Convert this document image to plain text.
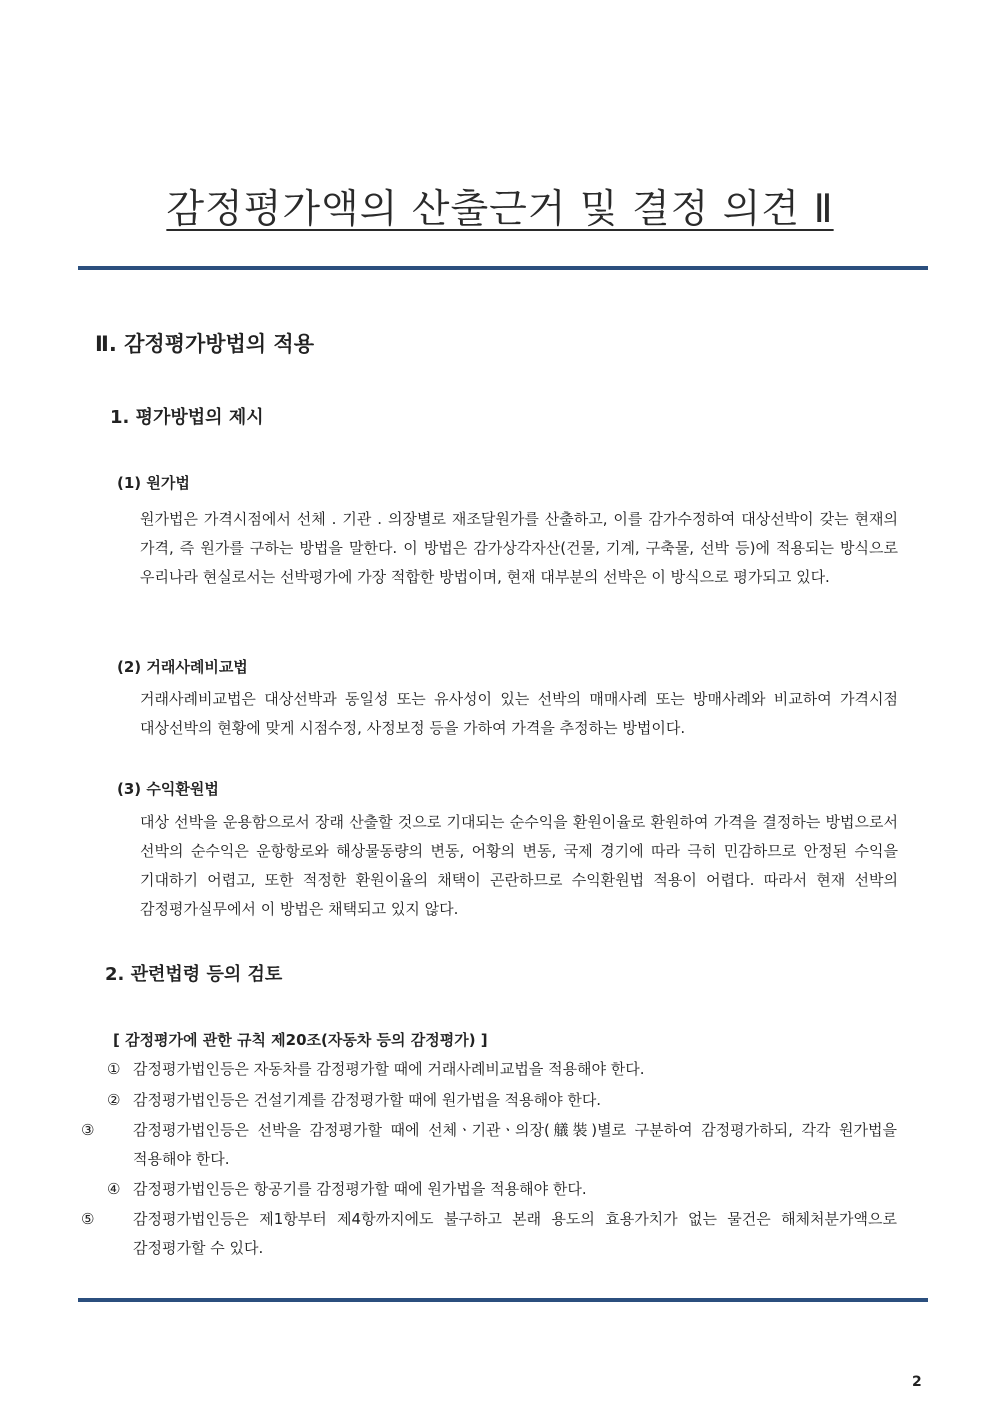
감정평가액의 산출근거 및 결정 의견 Ⅱ
Ⅱ. 감정평가방법의 적용
1. 평가방법의 제시
(1) 원가법
원가법은 가격시점에서 선체 . 기관 . 의장별로 재조달원가를 산출하고, 이를 감가수정하여 대상선박이 갖는 현재의 가격, 즉 원가를 구하는 방법을 말한다. 이 방법은 감가상각자산(건물, 기계, 구축물, 선박 등)에 적용되는 방식으로 우리나라 현실로서는 선박평가에 가장 적합한 방법이며, 현재 대부분의 선박은 이 방식으로 평가되고 있다.
(2) 거래사례비교법
거래사례비교법은 대상선박과 동일성 또는 유사성이 있는 선박의 매매사례 또는 방매사례와 비교하여 가격시점 대상선박의 현황에 맞게 시점수정, 사정보정 등을 가하여 가격을 추정하는 방법이다.
(3) 수익환원법
대상 선박을 운용함으로서 장래 산출할 것으로 기대되는 순수익을 환원이율로 환원하여 가격을 결정하는 방법으로서 선박의 순수익은 운항항로와 해상물동량의 변동, 어황의 변동, 국제 경기에 따라 극히 민감하므로 안정된 수익을 기대하기 어렵고, 또한 적정한 환원이율의 채택이 곤란하므로 수익환원법 적용이 어렵다. 따라서 현재 선박의 감정평가실무에서 이 방법은 채택되고 있지 않다.
2. 관련법령 등의 검토
[ 감정평가에 관한 규칙 제20조(자동차 등의 감정평가) ]
① 감정평가법인등은 자동차를 감정평가할 때에 거래사례비교법을 적용해야 한다.
② 감정평가법인등은 건설기계를 감정평가할 때에 원가법을 적용해야 한다.
③	감정평가법인등은 선박을 감정평가할 때에 선체ㆍ기관ㆍ의장(艤裝)별로 구분하여 감정평가하되, 각각 원가법을 적용해야 한다.
④ 감정평가법인등은 항공기를 감정평가할 때에 원가법을 적용해야 한다.
⑤	감정평가법인등은 제1항부터 제4항까지에도 불구하고 본래 용도의 효용가치가 없는 물건은 해체처분가액으로 감정평가할 수 있다.
2
